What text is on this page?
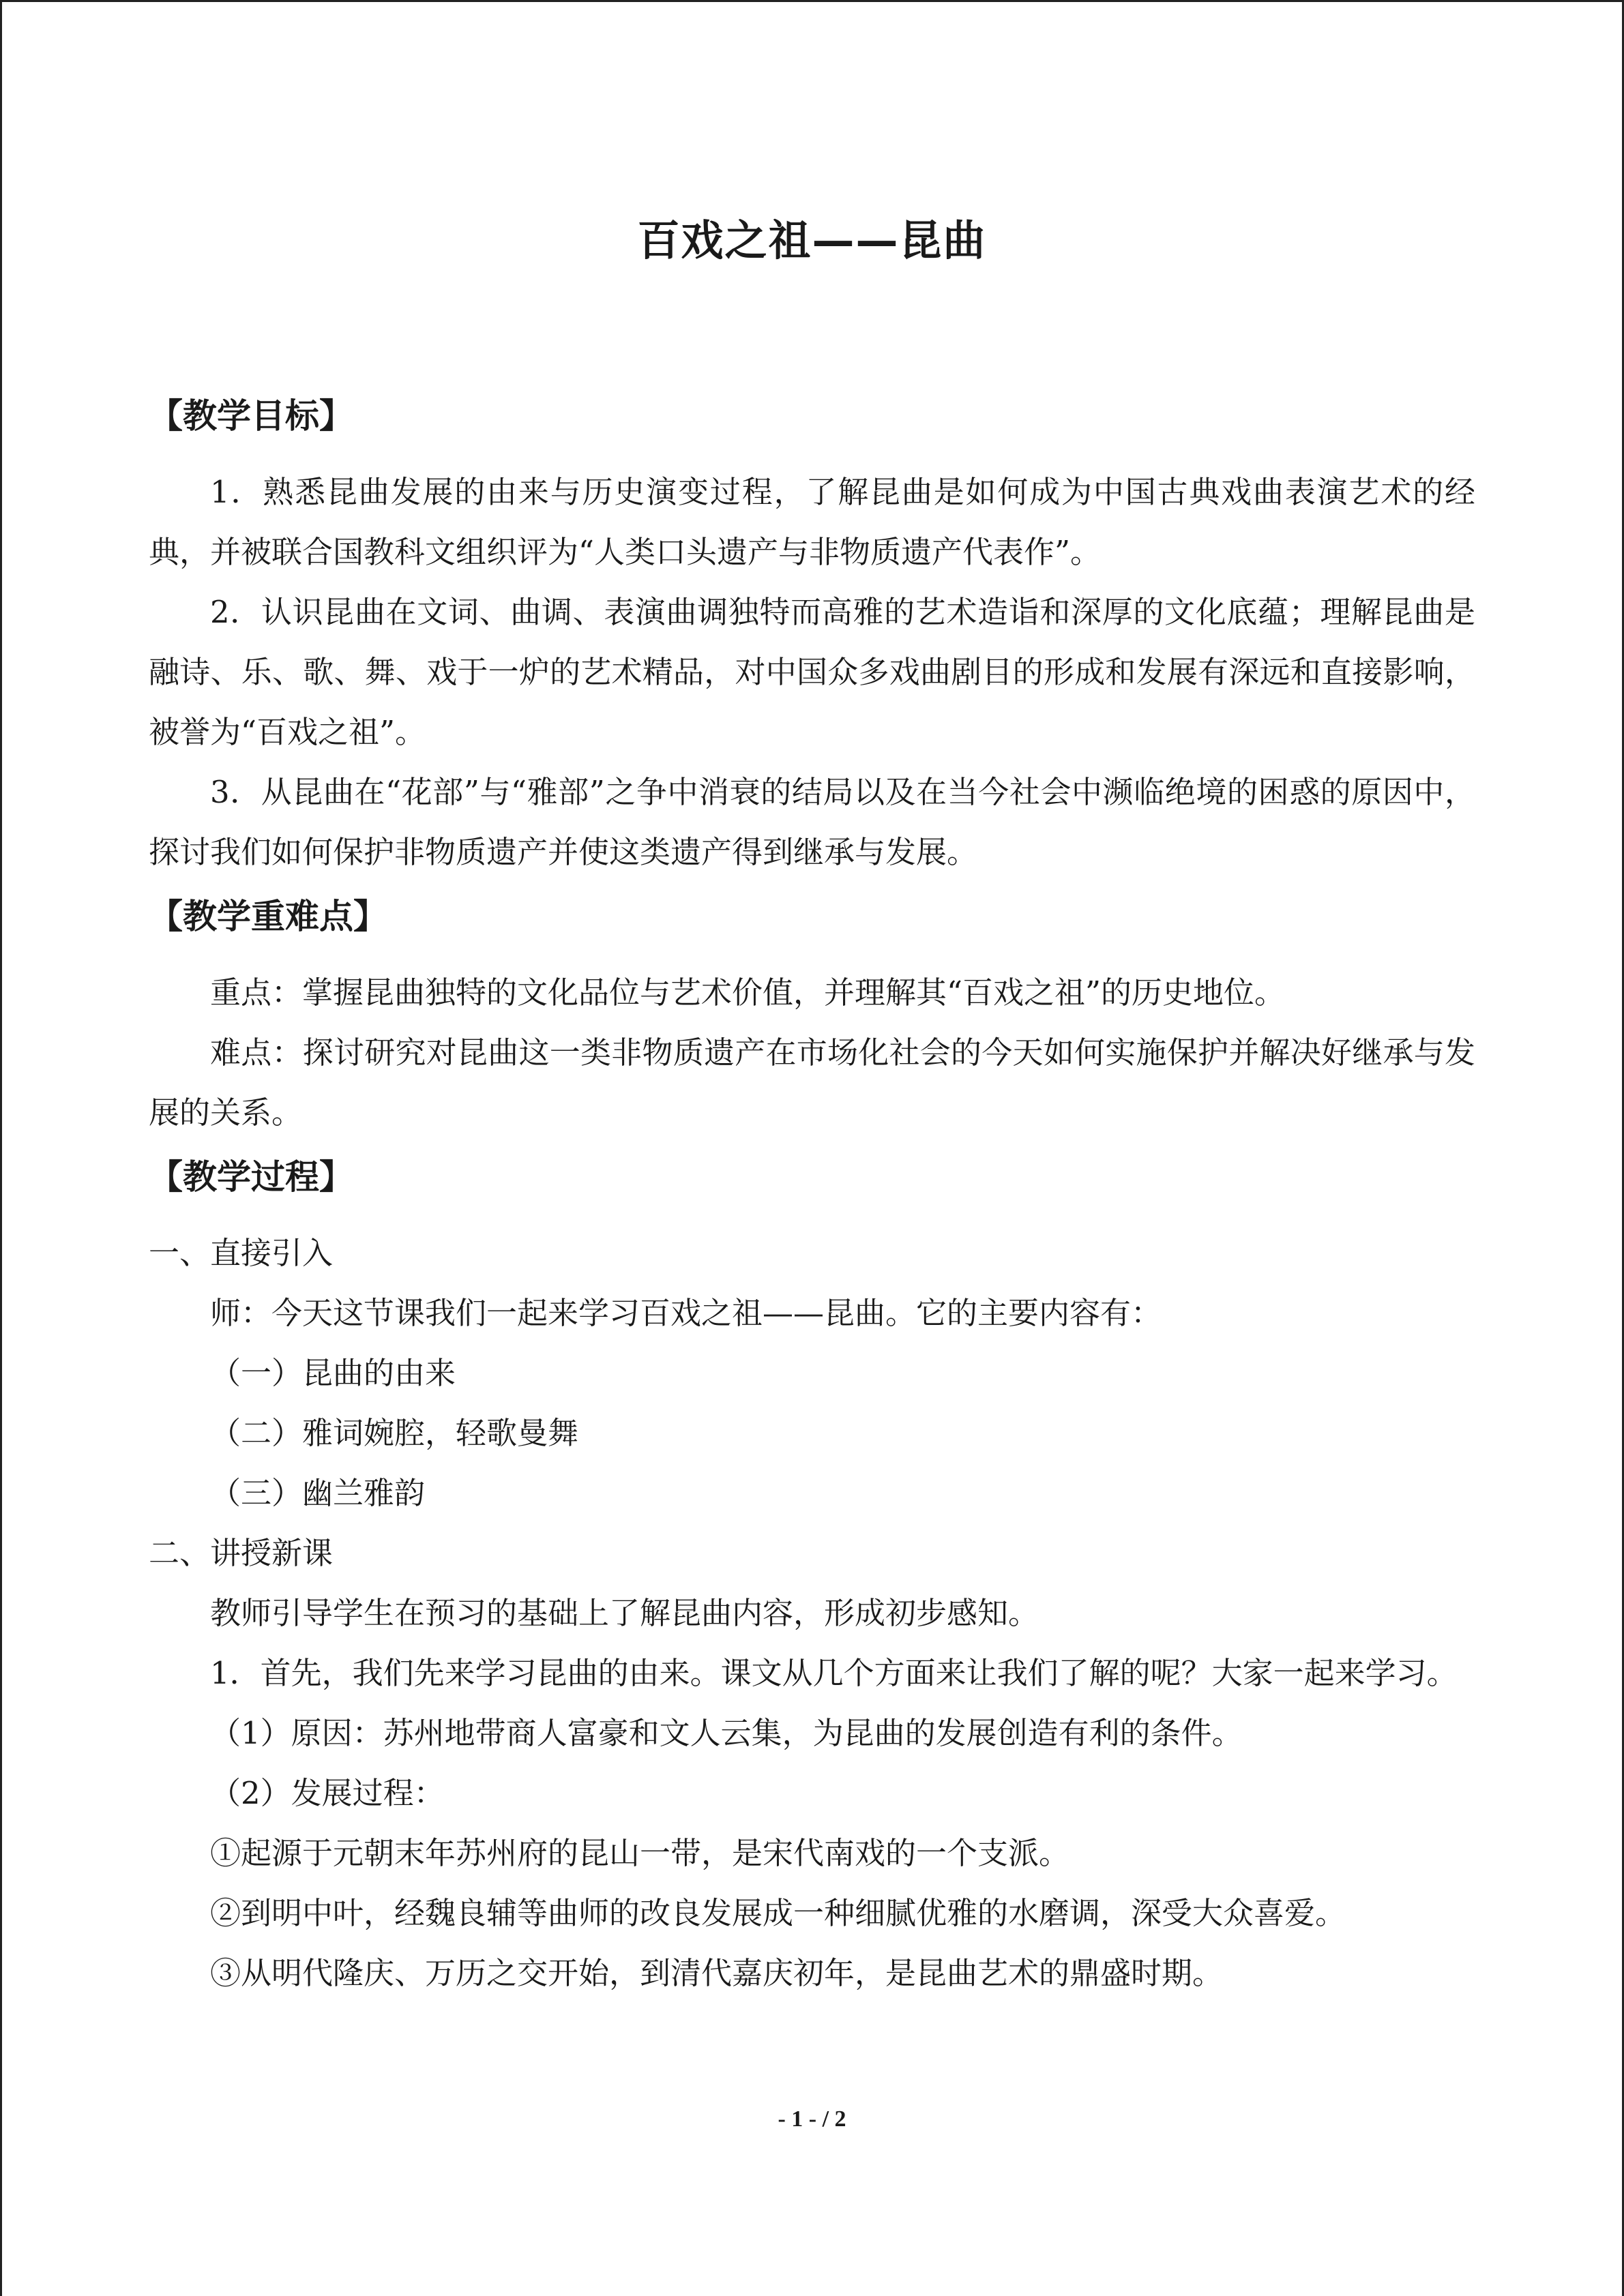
百戏之祖——昆曲
【教学目标】

1．熟悉昆曲发展的由来与历史演变过程，了解昆曲是如何成为中国古典戏曲表演艺术的经典，并被联合国教科文组织评为“人类口头遗产与非物质遗产代表作”。

2．认识昆曲在文词、曲调、表演曲调独特而高雅的艺术造诣和深厚的文化底蕴；理解昆曲是融诗、乐、歌、舞、戏于一炉的艺术精品，对中国众多戏曲剧目的形成和发展有深远和直接影响，被誉为“百戏之祖”。

3．从昆曲在“花部”与“雅部”之争中消衰的结局以及在当今社会中濒临绝境的困惑的原因中，探讨我们如何保护非物质遗产并使这类遗产得到继承与发展。

【教学重难点】

重点：掌握昆曲独特的文化品位与艺术价值，并理解其“百戏之祖”的历史地位。

难点：探讨研究对昆曲这一类非物质遗产在市场化社会的今天如何实施保护并解决好继承与发展的关系。

【教学过程】

一、直接引入

师：今天这节课我们一起来学习百戏之祖——昆曲。它的主要内容有：

（一）昆曲的由来

（二）雅词婉腔，轻歌曼舞

（三）幽兰雅韵

二、讲授新课

教师引导学生在预习的基础上了解昆曲内容，形成初步感知。

1．首先，我们先来学习昆曲的由来。课文从几个方面来让我们了解的呢？大家一起来学习。

（1）原因：苏州地带商人富豪和文人云集，为昆曲的发展创造有利的条件。

（2）发展过程：

①起源于元朝末年苏州府的昆山一带，是宋代南戏的一个支派。

②到明中叶，经魏良辅等曲师的改良发展成一种细腻优雅的水磨调，深受大众喜爱。

③从明代隆庆、万历之交开始，到清代嘉庆初年，是昆曲艺术的鼎盛时期。

- 1 - / 2
